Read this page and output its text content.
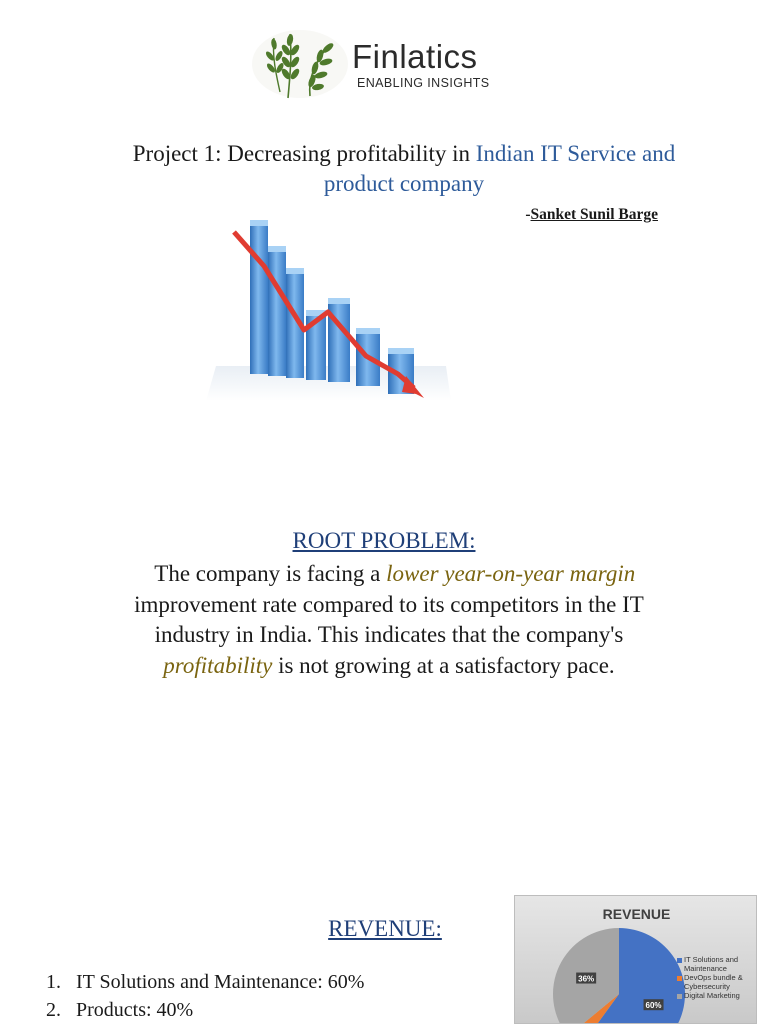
Finlatics
ENABLING INSIGHTS
Project 1: Decreasing profitability in Indian IT Service and product company
-Sanket Sunil Barge
ROOT PROBLEM:
The company is facing a lower year-on-year margin improvement rate compared to its competitors in the IT industry in India. This indicates that the company's profitability is not growing at a satisfactory pace.
REVENUE:
1. IT Solutions and Maintenance: 60%
2. Products: 40%
REVENUE
60%
36%
IT Solutions and Maintenance
DevOps bundle & Cybersecurity
Digital Marketing
